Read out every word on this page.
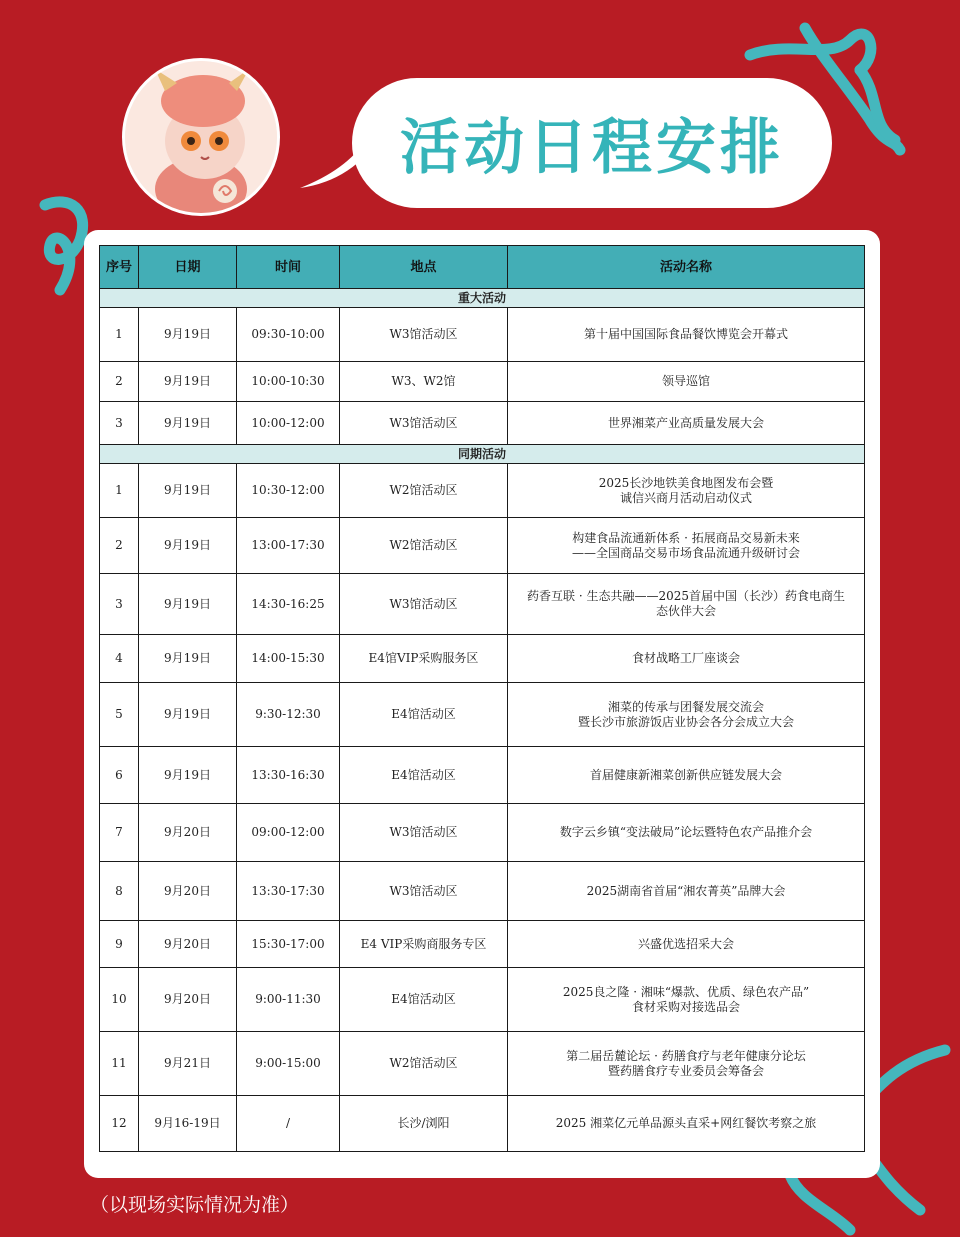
活动日程安排
序号	日期	时间	地点	活动名称
重大活动				
1	9月19日	09:30-10:00	W3馆活动区	第十届中国国际食品餐饮博览会开幕式

2	9月19日	10:00-10:30	W3、W2馆	领导巡馆

3	9月19日	10:00-12:00	W3馆活动区	世界湘菜产业高质量发展大会

同期活动				
1	9月19日	10:30-12:00	W2馆活动区	2025长沙地铁美食地图发布会暨
诚信兴商月活动启动仪式

2	9月19日	13:00-17:30	W2馆活动区	构建食品流通新体系 · 拓展商品交易新未来
——全国商品交易市场食品流通升级研讨会

3	9月19日	14:30-16:25	W3馆活动区	药香互联 · 生态共融——2025首届中国（长沙）药食电商生
态伙伴大会

4	9月19日	14:00-15:30	E4馆VIP采购服务区	食材战略工厂座谈会

5	9月19日	9:30-12:30	E4馆活动区	湘菜的传承与团餐发展交流会
暨长沙市旅游饭店业协会各分会成立大会

6	9月19日	13:30-16:30	E4馆活动区	首届健康新湘菜创新供应链发展大会

7	9月20日	09:00-12:00	W3馆活动区	数字云乡镇“变法破局”论坛暨特色农产品推介会

8	9月20日	13:30-17:30	W3馆活动区	2025湖南省首届“湘农菁英”品牌大会

9	9月20日	15:30-17:00	E4 VIP采购商服务专区	兴盛优选招采大会

10	9月20日	9:00-11:30	E4馆活动区	2025良之隆 · 湘味“爆款、优质、绿色农产品”
食材采购对接选品会

11	9月21日	9:00-15:00	W2馆活动区	第二届岳麓论坛 · 药膳食疗与老年健康分论坛
暨药膳食疗专业委员会筹备会

12	9月16-19日	/	长沙/浏阳	2025 湘菜亿元单品源头直采+网红餐饮考察之旅
（以现场实际情况为准）
